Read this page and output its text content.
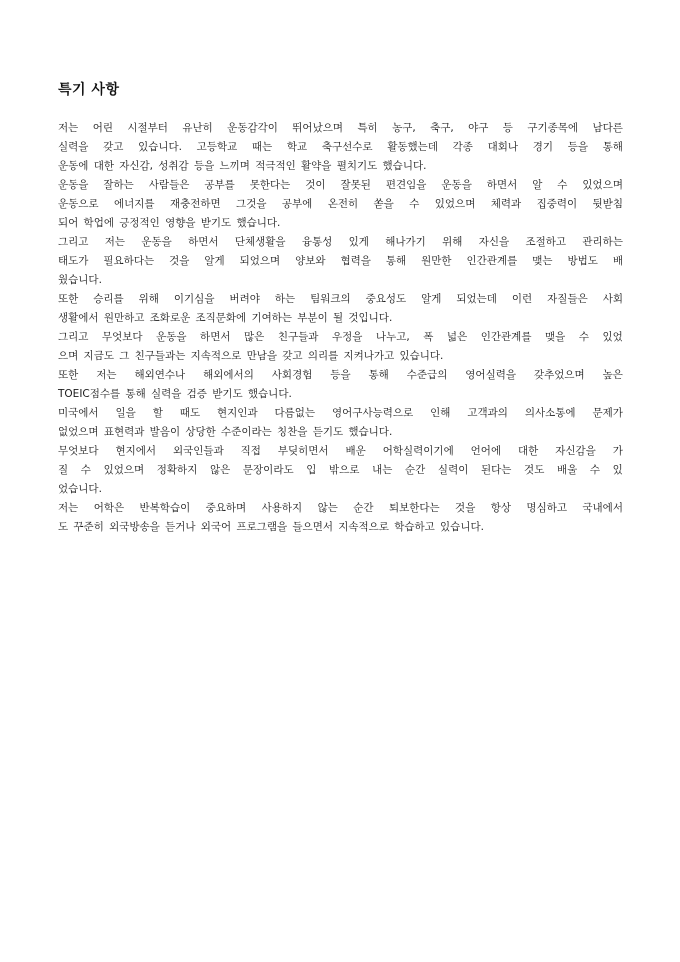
특기 사항
저는 어린 시절부터 유난히 운동감각이 뛰어났으며 특히 농구, 축구, 야구 등 구기종목에 남다른
실력을 갖고 있습니다. 고등학교 때는 학교 축구선수로 활동했는데 각종 대회나 경기 등을 통해
운동에 대한 자신감, 성취감 등을 느끼며 적극적인 활약을 펼치기도 했습니다.
운동을 잘하는 사람들은 공부를 못한다는 것이 잘못된 편견임을 운동을 하면서 알 수 있었으며
운동으로 에너지를 재충전하면 그것을 공부에 온전히 쏟을 수 있었으며 체력과 집중력이 뒷받침
되어 학업에 긍정적인 영향을 받기도 했습니다.
그리고 저는 운동을 하면서 단체생활을 융통성 있게 해나가기 위해 자신을 조절하고 관리하는
태도가 필요하다는 것을 알게 되었으며 양보와 협력을 통해 원만한 인간관계를 맺는 방법도 배
웠습니다.
또한 승리를 위해 이기심을 버려야 하는 팀워크의 중요성도 알게 되었는데 이런 자질들은 사회
생활에서 원만하고 조화로운 조직문화에 기여하는 부분이 될 것입니다.
그리고 무엇보다 운동을 하면서 많은 친구들과 우정을 나누고, 폭 넓은 인간관계를 맺을 수 있었
으며 지금도 그 친구들과는 지속적으로 만남을 갖고 의리를 지켜나가고 있습니다.
또한 저는 해외연수나 해외에서의 사회경험 등을 통해 수준급의 영어실력을 갖추었으며 높은
TOEIC점수를 통해 실력을 검증 받기도 했습니다.
미국에서 일을 할 때도 현지인과 다름없는 영어구사능력으로 인해 고객과의 의사소통에 문제가
없었으며 표현력과 발음이 상당한 수준이라는 칭찬을 듣기도 했습니다.
무엇보다 현지에서 외국인들과 직접 부딪히면서 배운 어학실력이기에 언어에 대한 자신감을 가
질 수 있었으며 정확하지 않은 문장이라도 입 밖으로 내는 순간 실력이 된다는 것도 배울 수 있
었습니다.
저는 어학은 반복학습이 중요하며 사용하지 않는 순간 퇴보한다는 것을 항상 명심하고 국내에서
도 꾸준히 외국방송을 듣거나 외국어 프로그램을 들으면서 지속적으로 학습하고 있습니다.
